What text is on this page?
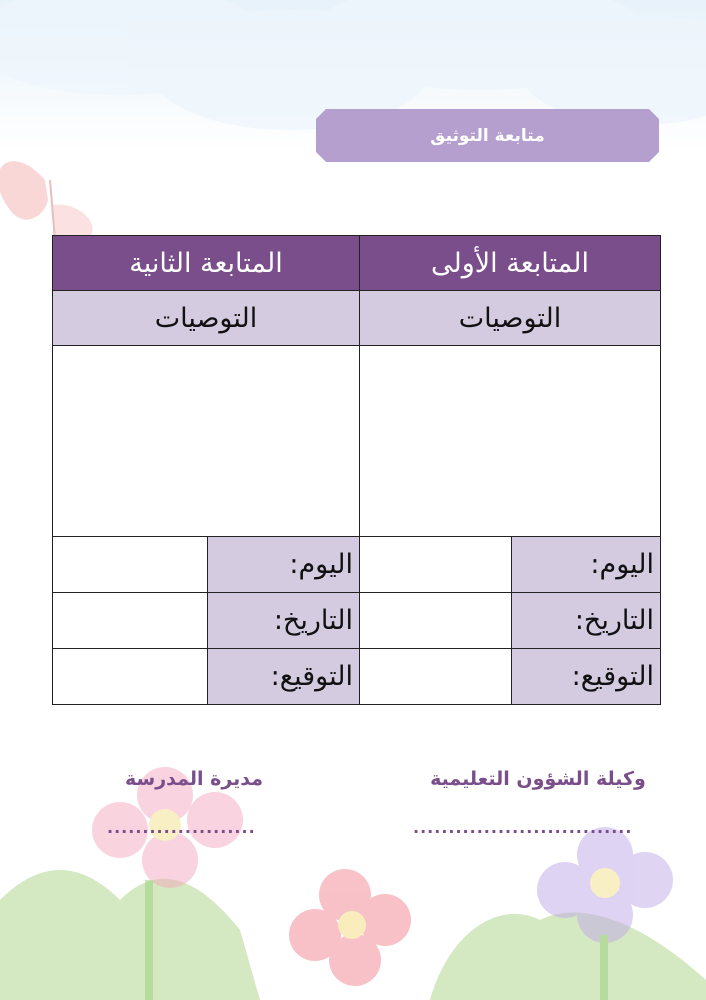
متابعة التوثيق
المتابعة الأولى		المتابعة الثانية	
التوصيات		التوصيات	

اليوم:		اليوم:	
التاريخ:		التاريخ:	
التوقيع:		التوقيع:	
وكيلة الشؤون التعليمية
...............................
مديرة المدرسة
.....................
